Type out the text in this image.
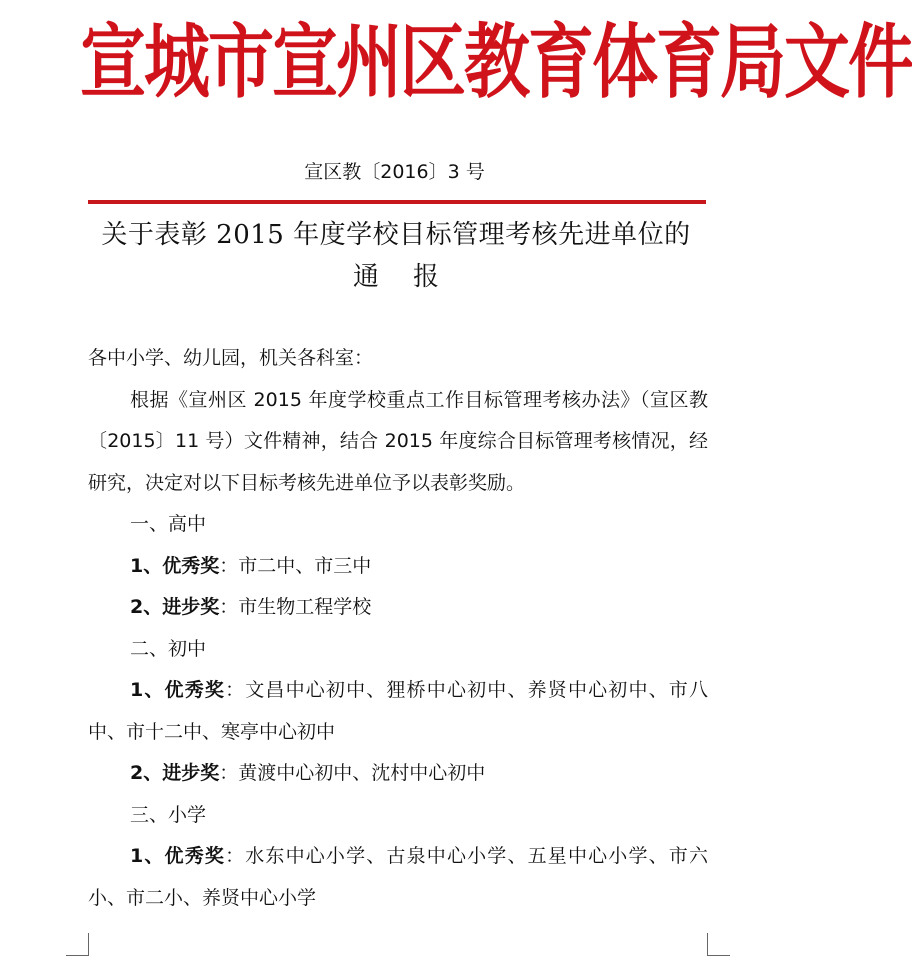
宣城市宣州区教育体育局文件
宣区教〔2016〕3 号
关于表彰 2015 年度学校目标管理考核先进单位的
通报

各中小学、幼儿园，机关各科室：

根据《宣州区 2015 年度学校重点工作目标管理考核办法》（宣区教〔2015〕11 号）文件精神，结合 2015 年度综合目标管理考核情况，经研究，决定对以下目标考核先进单位予以表彰奖励。

一、高中

1、优秀奖：市二中、市三中

2、进步奖：市生物工程学校

二、初中

1、优秀奖：文昌中心初中、狸桥中心初中、养贤中心初中、市八中、市十二中、寒亭中心初中

2、进步奖：黄渡中心初中、沈村中心初中

三、小学

1、优秀奖：水东中心小学、古泉中心小学、五星中心小学、市六小、市二小、养贤中心小学
